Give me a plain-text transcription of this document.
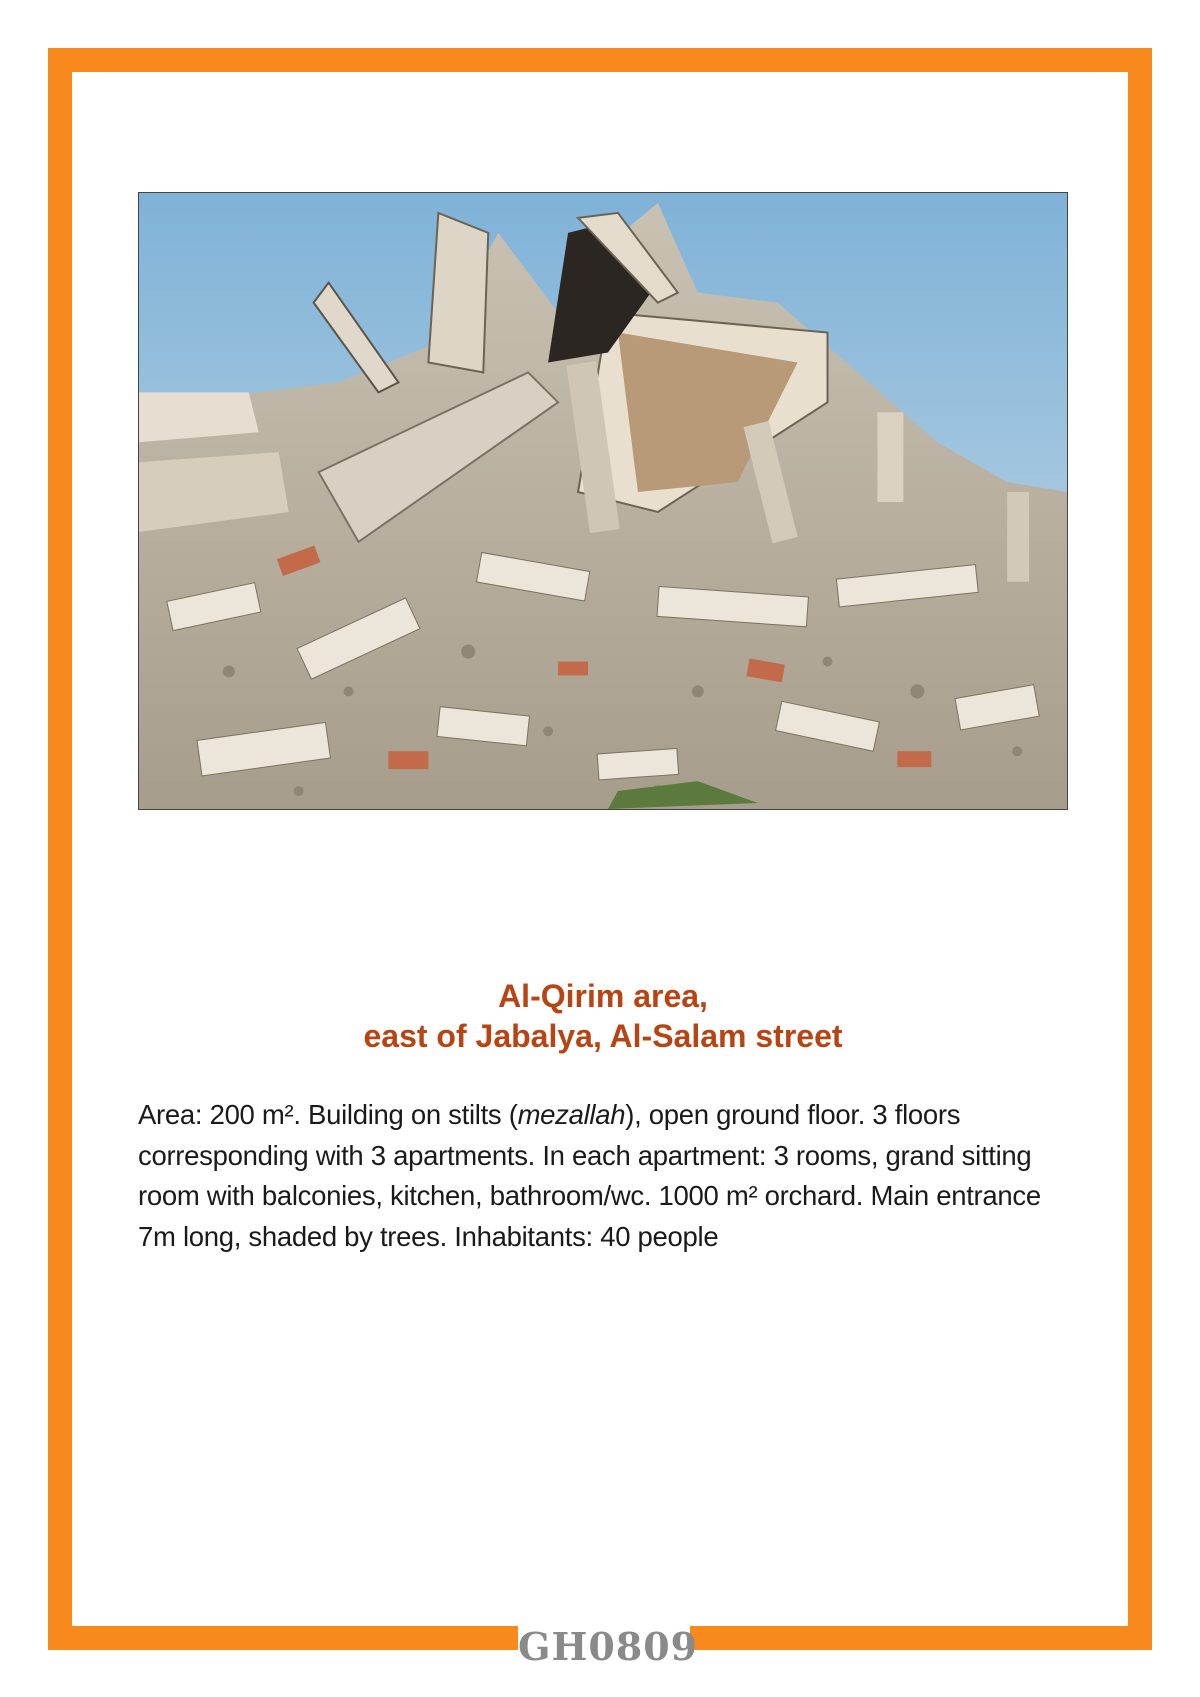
Al-Qirim area,
east of Jabalya, Al-Salam street
Area: 200 m². Building on stilts (mezallah), open ground floor. 3 floors corresponding with 3 apartments. In each apartment: 3 rooms, grand sitting room with balconies, kitchen, bathroom/wc. 1000 m² orchard. Main entrance 7m long, shaded by trees. Inhabitants: 40 people
GH0809
